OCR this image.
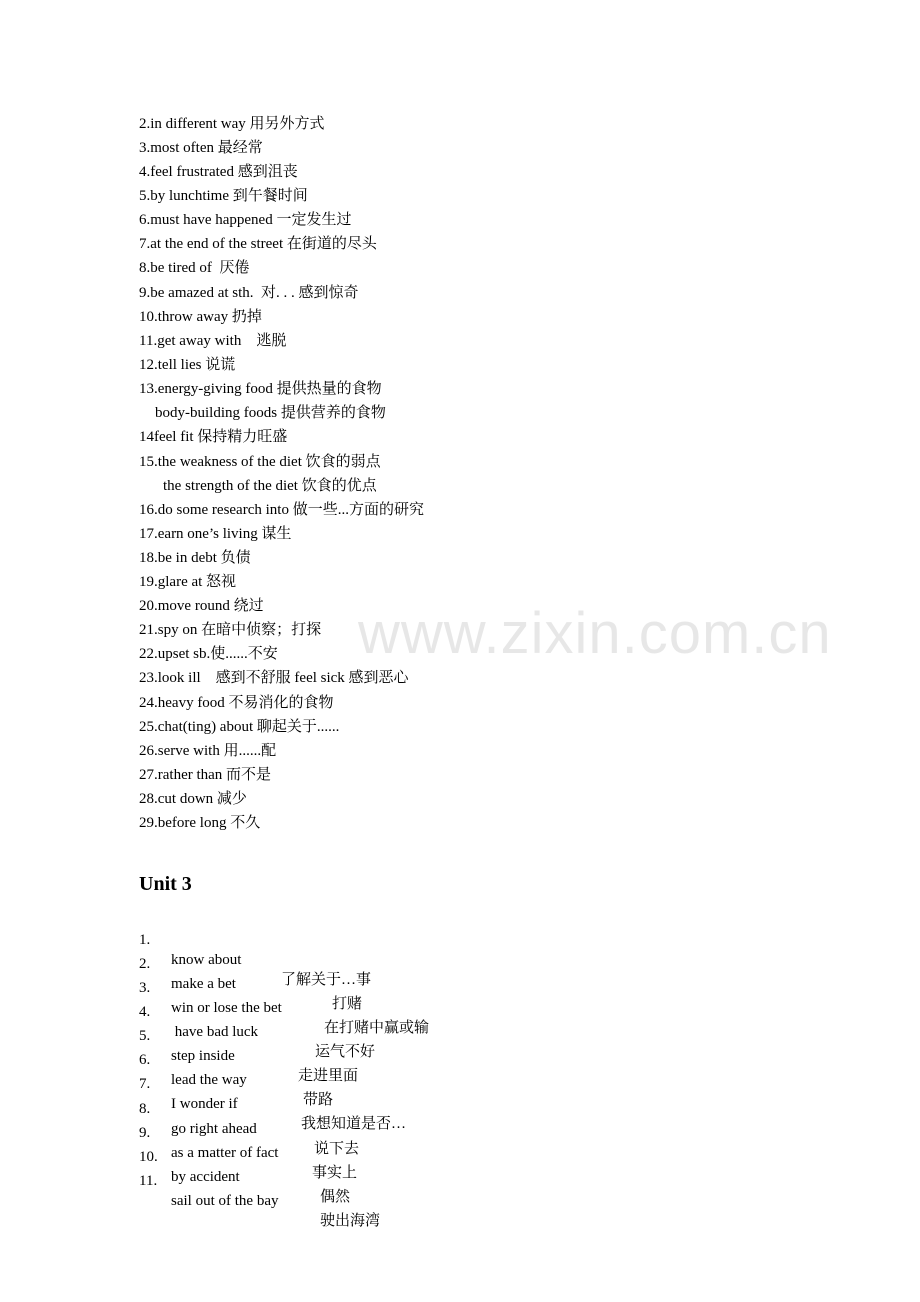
www.zixin.com.cn
2.in different way 用另外方式
3.most often 最经常
4.feel frustrated 感到沮丧
5.by lunchtime 到午餐时间
6.must have happened 一定发生过
7.at the end of the street 在街道的尽头
8.be tired of  厌倦
9.be amazed at sth.  对. . . 感到惊奇
10.throw away 扔掉
11.get away with    逃脱
12.tell lies 说谎
13.energy-giving food 提供热量的食物
body-building foods 提供营养的食物
14feel fit 保持精力旺盛
15.the weakness of the diet 饮食的弱点
the strength of the diet 饮食的优点
16.do some research into 做一些...方面的研究
17.earn one’s living 谋生
18.be in debt 负债
19.glare at 怒视
20.move round 绕过
21.spy on 在暗中侦察；打探
22.upset sb.使......不安
23.look ill    感到不舒服 feel sick 感到恶心
24.heavy food 不易消化的食物
25.chat(ting) about 聊起关于......
26.serve with 用......配
27.rather than 而不是
28.cut down 减少
29.before long 不久
Unit 3

1.

know about

了解关于…事

2.

make a bet

打赌

3.

win or lose the bet

在打赌中赢或输

4.

have bad luck

运气不好

5.

step inside

走进里面

6.

lead the way

带路

7.

I wonder if

我想知道是否…

8.

go right ahead

说下去

9.

as a matter of fact

事实上

10.

by accident

偶然

11.

sail out of the bay

驶出海湾
